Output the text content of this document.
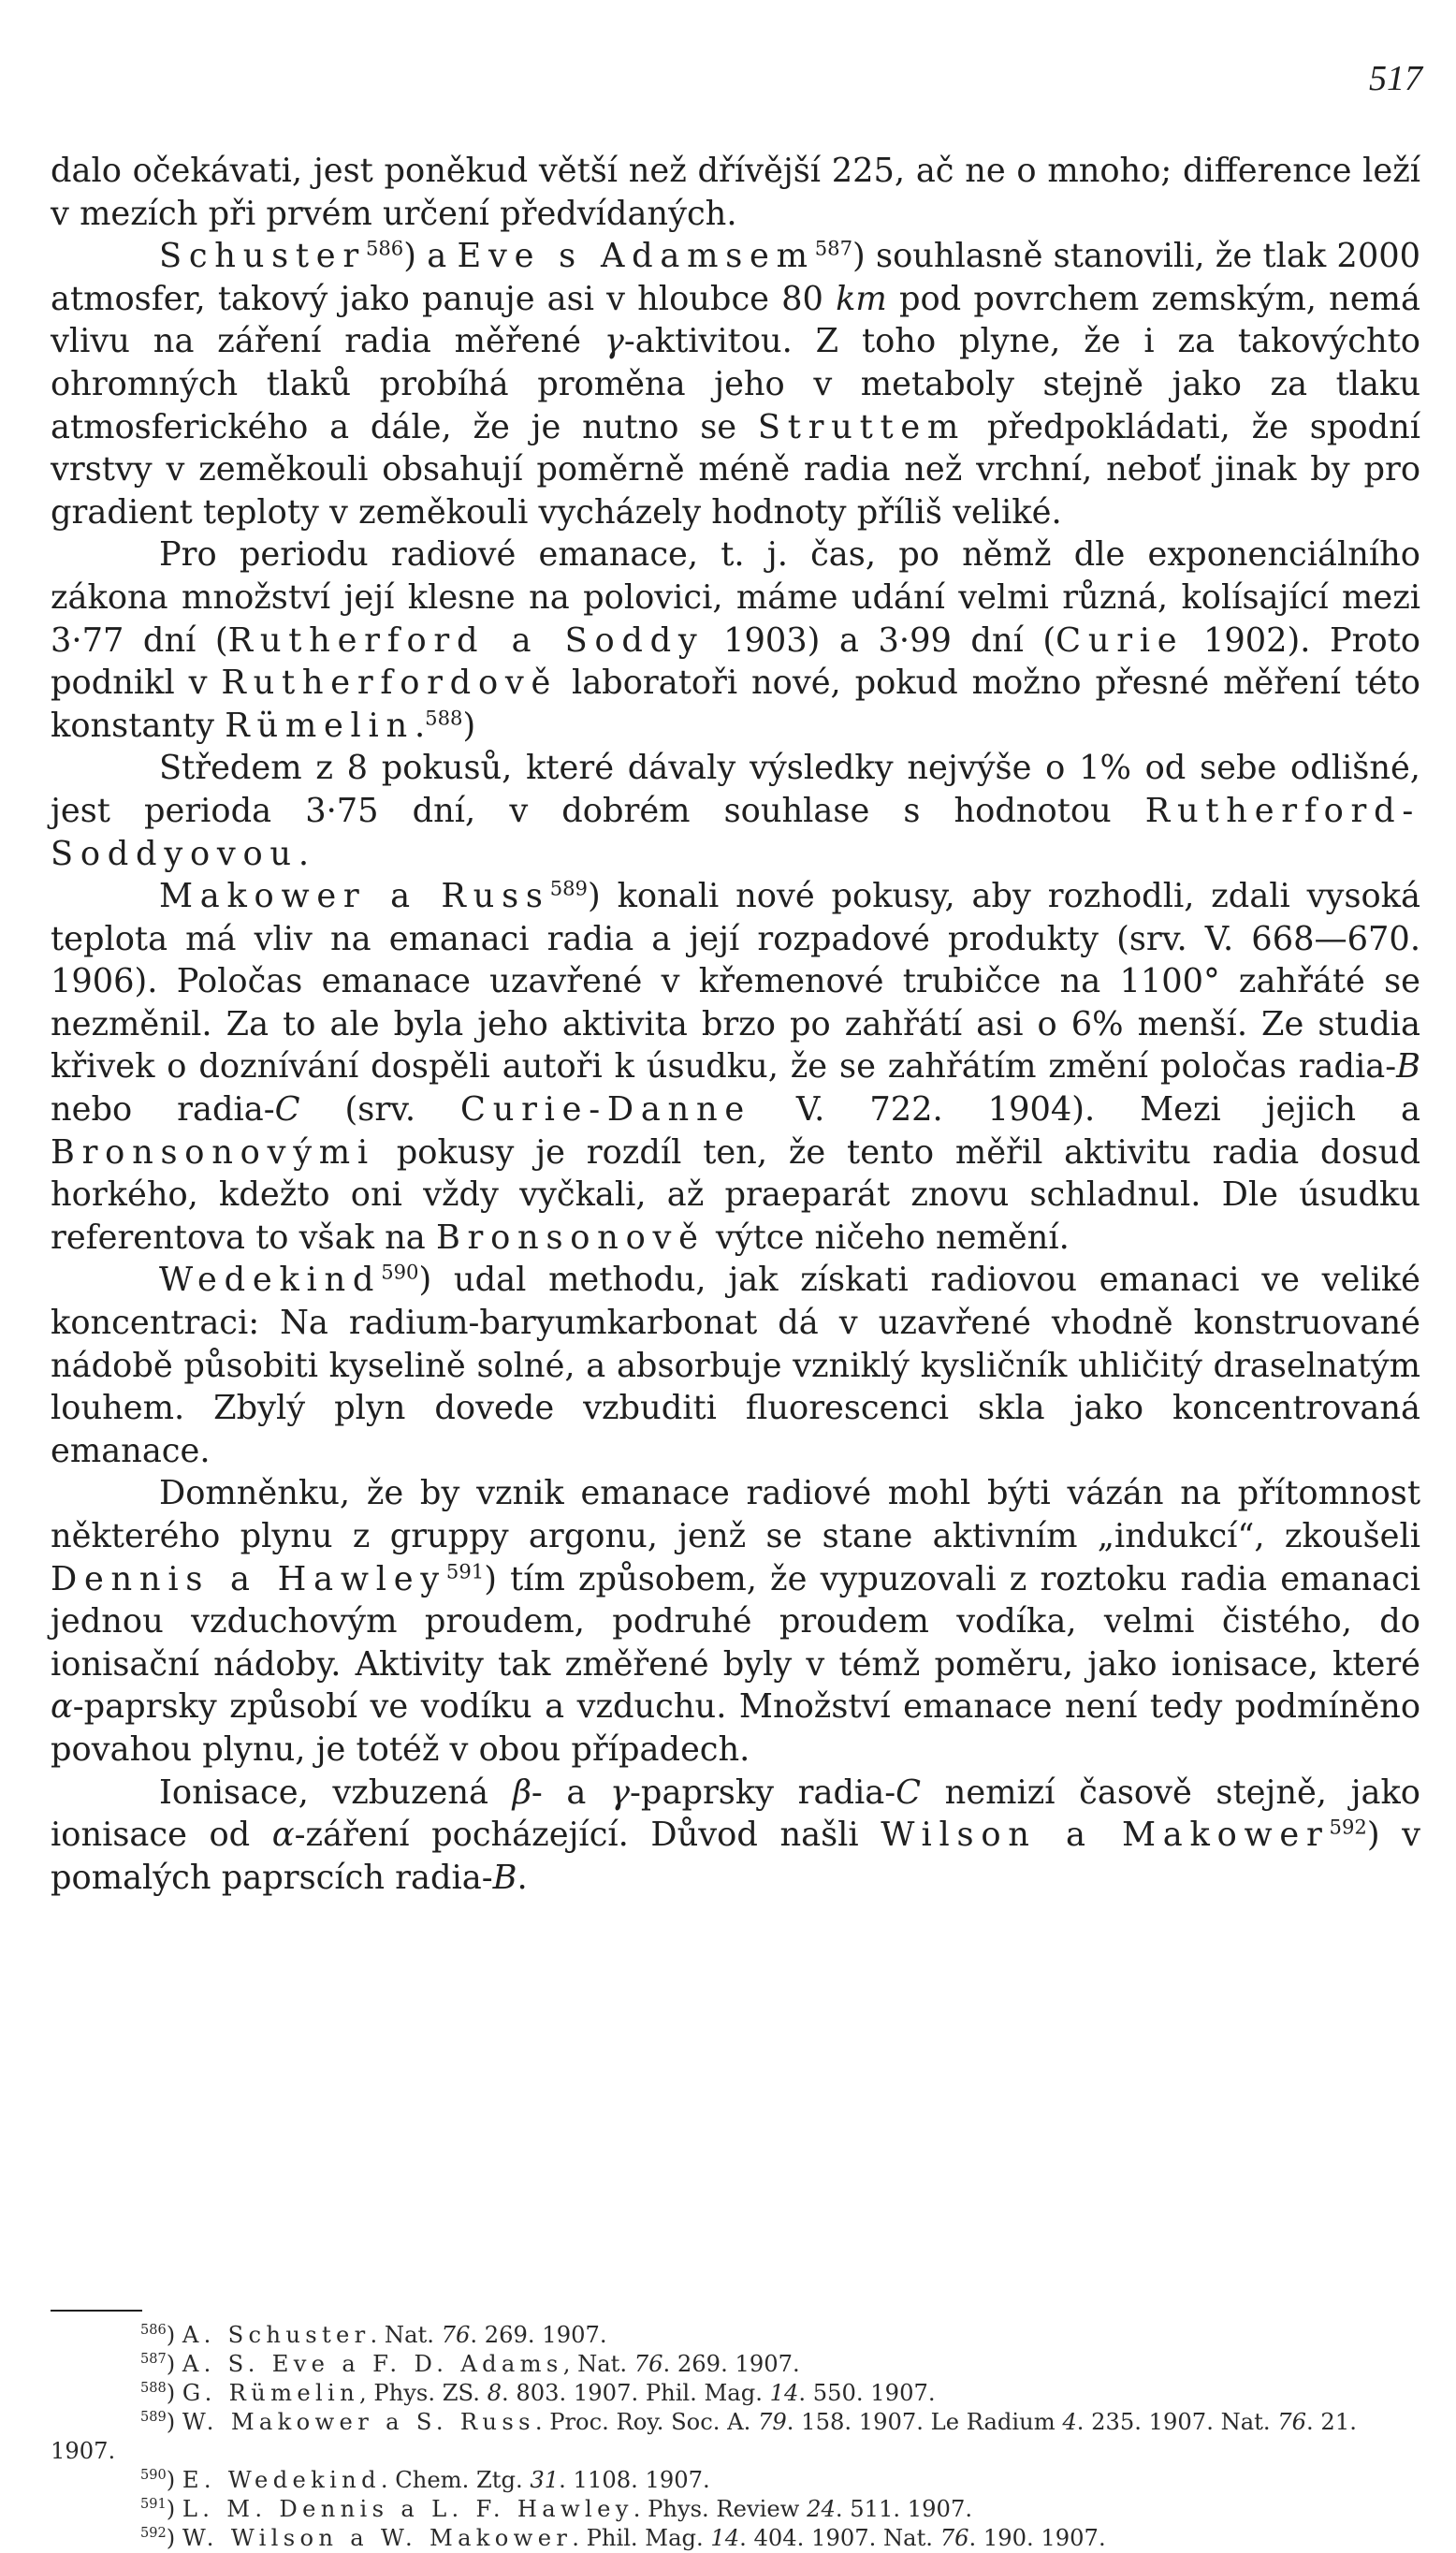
517

dalo očekávati, jest poněkud větší než dřívější 225, ač ne o mnoho; difference leží v mezích při prvém určení předvídaných.

Schuster$^{586}$) a Eve s Adamsem$^{587}$) souhlasně stanovili, že tlak 2000 atmosfer, takový jako panuje asi v hloubce 80 km pod povrchem zemským, nemá vlivu na záření radia měřené γ-aktivitou. Z toho plyne, že i za takovýchto ohromných tlaků probíhá proměna jeho v metaboly stejně jako za tlaku atmosferického a dále, že je nutno se Struttem předpokládati, že spodní vrstvy v zeměkouli obsahují poměrně méně radia než vrchní, neboť jinak by pro gradient teploty v zeměkouli vycházely hodnoty příliš veliké.

Pro periodu radiové emanace, t. j. čas, po němž dle exponenciálního zákona množství její klesne na polovici, máme udání velmi různá, kolísající mezi 3·77 dní (Rutherford a Soddy 1903) a 3·99 dní (Curie 1902). Proto podnikl v Rutherfordově laboratoři nové, pokud možno přesné měření této konstanty Rümelin.$^{588}$)

Středem z 8 pokusů, které dávaly výsledky nejvýše o 1% od sebe odlišné, jest perioda 3·75 dní, v dobrém souhlase s hodnotou Rutherford-Soddyovou.

Makower a Russ$^{589}$) konali nové pokusy, aby rozhodli, zdali vysoká teplota má vliv na emanaci radia a její rozpadové produkty (srv. V. 668—670. 1906). Poločas emanace uzavřené v křemenové trubičce na 1100° zahřáté se nezměnil. Za to ale byla jeho aktivita brzo po zahřátí asi o 6% menší. Ze studia křivek o doznívání dospěli autoři k úsudku, že se zahřátím změní poločas radia-B nebo radia-C (srv. Curie-Danne V. 722. 1904). Mezi jejich a Bronsonovými pokusy je rozdíl ten, že tento měřil aktivitu radia dosud horkého, kdežto oni vždy vyčkali, až praeparát znovu schladnul. Dle úsudku referentova to však na Bronsonově výtce ničeho nemění.

Wedekind$^{590}$) udal methodu, jak získati radiovou emanaci ve veliké koncentraci: Na radium-baryumkarbonat dá v uzavřené vhodně konstruované nádobě působiti kyselině solné, a absorbuje vzniklý kysličník uhličitý draselnatým louhem. Zbylý plyn dovede vzbuditi fluorescenci skla jako koncentrovaná emanace.

Domněnku, že by vznik emanace radiové mohl býti vázán na přítomnost některého plynu z gruppy argonu, jenž se stane aktivním „indukcí“, zkoušeli Dennis a Hawley$^{591}$) tím způsobem, že vypuzovali z roztoku radia emanaci jednou vzduchovým proudem, podruhé proudem vodíka, velmi čistého, do ionisační nádoby. Aktivity tak změřené byly v témž poměru, jako ionisace, které α-paprsky způsobí ve vodíku a vzduchu. Množství emanace není tedy podmíněno povahou plynu, je totéž v obou případech.

Ionisace, vzbuzená β- a γ-paprsky radia-C nemizí časově stejně, jako ionisace od α-záření pocházející. Důvod našli Wilson a Makower$^{592}$) v pomalých paprscích radia-B.

$^{586}$) A. Schuster. Nat. 76. 269. 1907.

$^{587}$) A. S. Eve a F. D. Adams, Nat. 76. 269. 1907.

$^{588}$) G. Rümelin, Phys. ZS. 8. 803. 1907. Phil. Mag. 14. 550. 1907.

$^{589}$) W. Makower a S. Russ. Proc. Roy. Soc. A. 79. 158. 1907. Le Radium 4. 235. 1907. Nat. 76. 21. 1907.

$^{590}$) E. Wedekind. Chem. Ztg. 31. 1108. 1907.

$^{591}$) L. M. Dennis a L. F. Hawley. Phys. Review 24. 511. 1907.

$^{592}$) W. Wilson a W. Makower. Phil. Mag. 14. 404. 1907. Nat. 76. 190. 1907.
